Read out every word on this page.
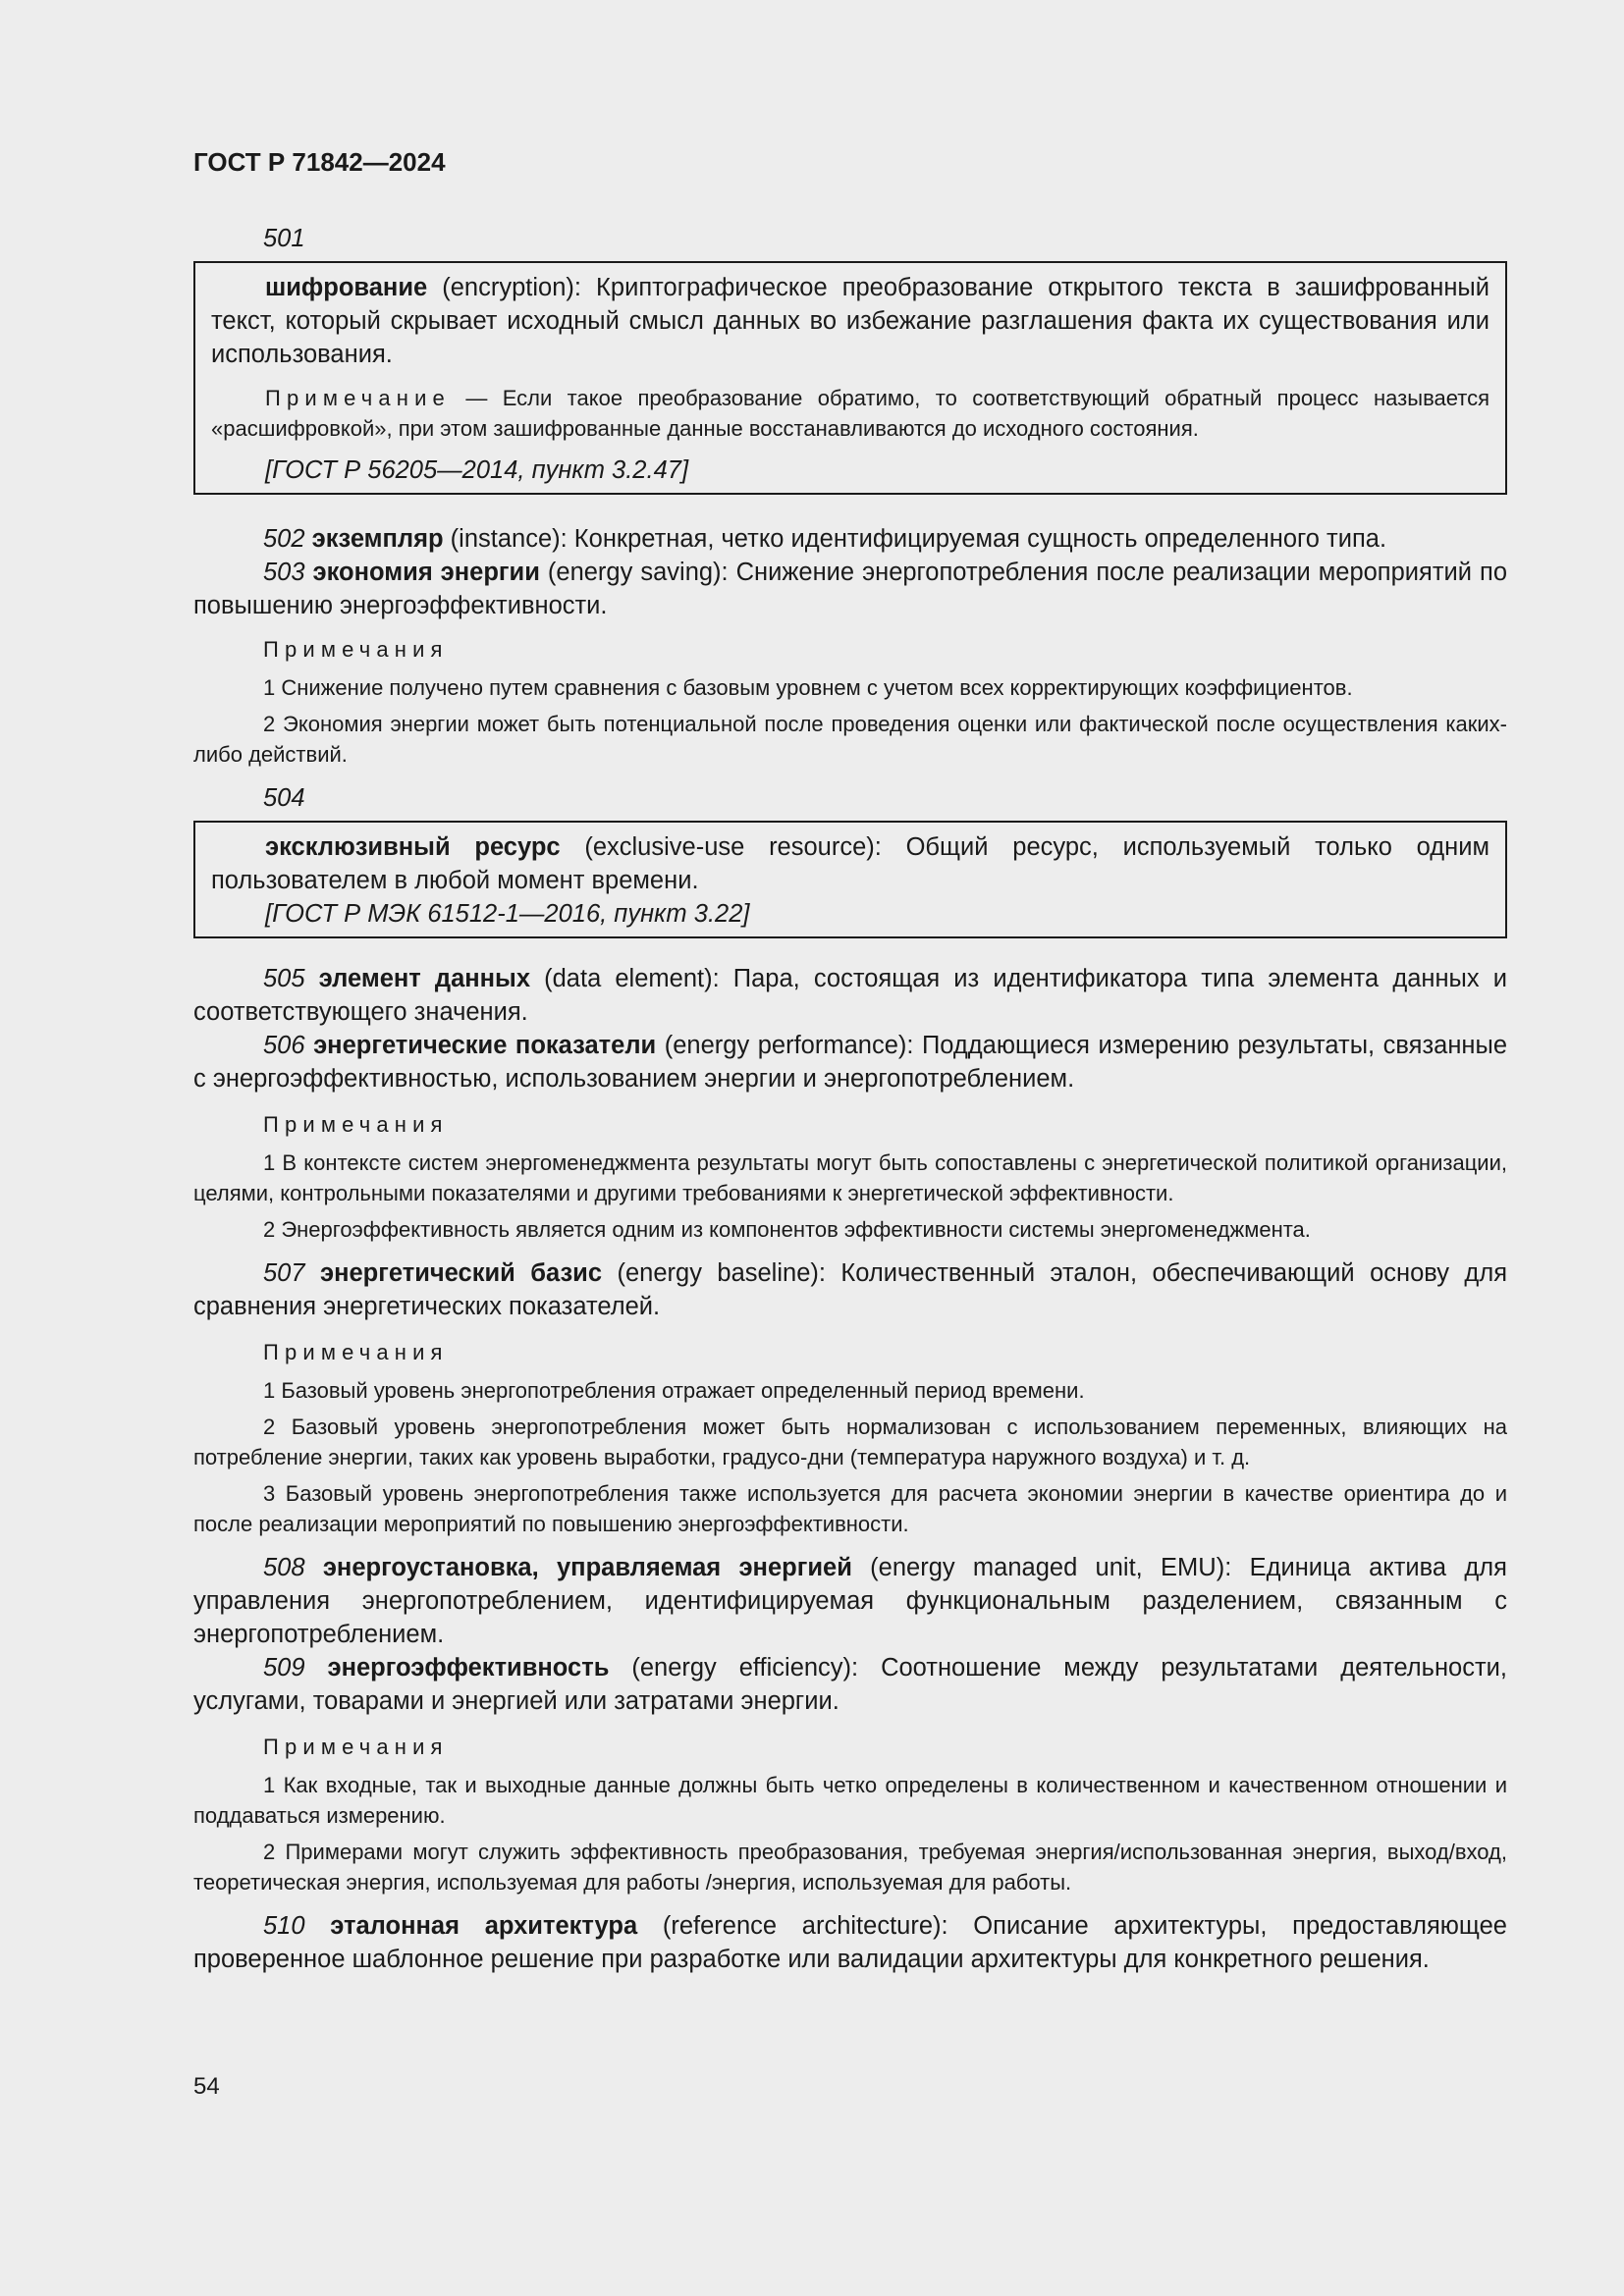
ГОСТ Р 71842—2024

501

шифрование (encryption): Криптографическое преобразование открытого текста в зашифрованный текст, который скрывает исходный смысл данных во избежание разглашения факта их существования или использования.

Примечание — Если такое преобразование обратимо, то соответствующий обратный процесс называется «расшифровкой», при этом зашифрованные данные восстанавливаются до исходного состояния.

[ГОСТ Р 56205—2014, пункт 3.2.47]

502 экземпляр (instance): Конкретная, четко идентифицируемая сущность определенного типа.

503 экономия энергии (energy saving): Снижение энергопотребления после реализации мероприятий по повышению энергоэффективности.

Примечания

1 Снижение получено путем сравнения с базовым уровнем с учетом всех корректирующих коэффициентов.

2 Экономия энергии может быть потенциальной после проведения оценки или фактической после осуществления каких-либо действий.

504

эксклюзивный ресурс (exclusive-use resource): Общий ресурс, используемый только одним пользователем в любой момент времени.

[ГОСТ Р МЭК 61512-1—2016, пункт 3.22]

505 элемент данных (data element): Пара, состоящая из идентификатора типа элемента данных и соответствующего значения.

506 энергетические показатели (energy performance): Поддающиеся измерению результаты, связанные с энергоэффективностью, использованием энергии и энергопотреблением.

Примечания

1 В контексте систем энергоменеджмента результаты могут быть сопоставлены с энергетической политикой организации, целями, контрольными показателями и другими требованиями к энергетической эффективности.

2 Энергоэффективность является одним из компонентов эффективности системы энергоменеджмента.

507 энергетический базис (energy baseline): Количественный эталон, обеспечивающий основу для сравнения энергетических показателей.

Примечания

1 Базовый уровень энергопотребления отражает определенный период времени.

2 Базовый уровень энергопотребления может быть нормализован с использованием переменных, влияющих на потребление энергии, таких как уровень выработки, градусо-дни (температура наружного воздуха) и т. д.

3 Базовый уровень энергопотребления также используется для расчета экономии энергии в качестве ориентира до и после реализации мероприятий по повышению энергоэффективности.

508 энергоустановка, управляемая энергией (energy managed unit, EMU): Единица актива для управления энергопотреблением, идентифицируемая функциональным разделением, связанным с энергопотреблением.

509 энергоэффективность (energy efficiency): Соотношение между результатами деятельности, услугами, товарами и энергией или затратами энергии.

Примечания

1 Как входные, так и выходные данные должны быть четко определены в количественном и качественном отношении и поддаваться измерению.

2 Примерами могут служить эффективность преобразования, требуемая энергия/использованная энергия, выход/вход, теоретическая энергия, используемая для работы /энергия, используемая для работы.

510 эталонная архитектура (reference architecture): Описание архитектуры, предоставляющее проверенное шаблонное решение при разработке или валидации архитектуры для конкретного решения.

54
